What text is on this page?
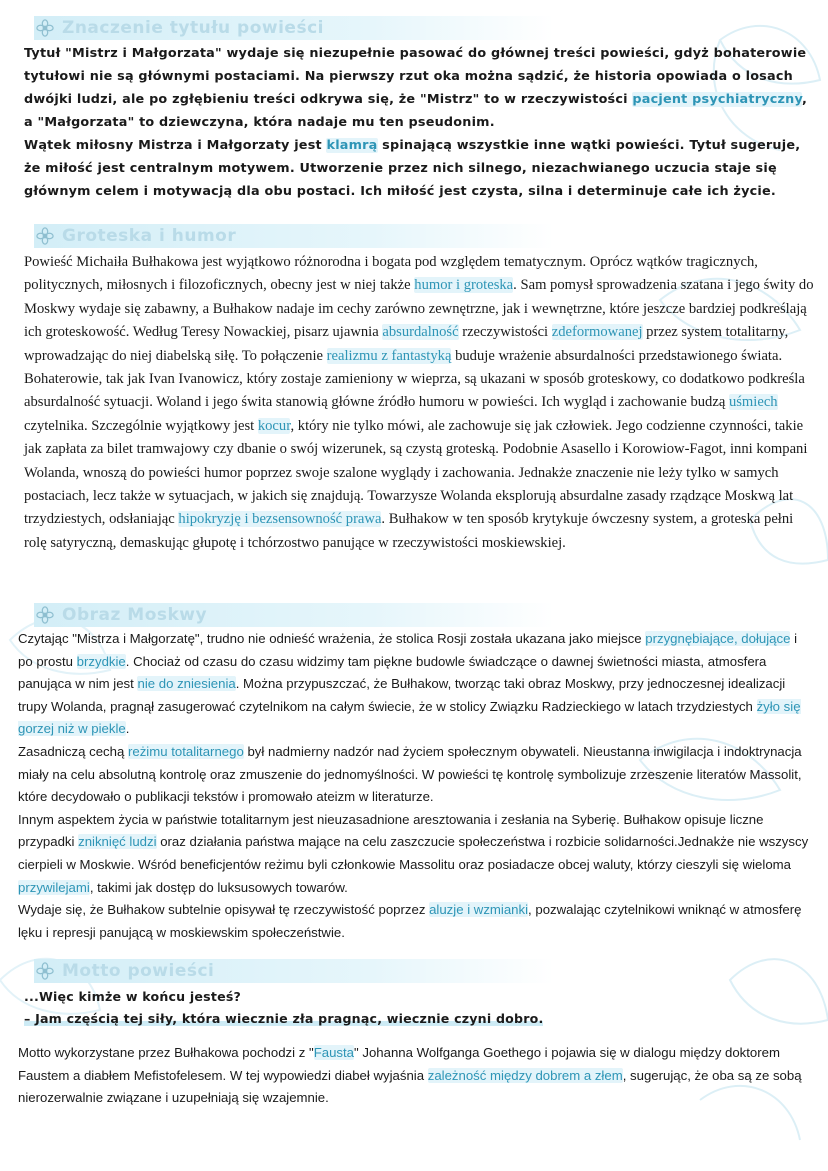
Znaczenie tytułu powieści

Tytuł "Mistrz i Małgorzata" wydaje się niezupełnie pasować do głównej treści powieści, gdyż bohaterowie tytułowi nie są głównymi postaciami. Na pierwszy rzut oka można sądzić, że historia opowiada o losach dwójki ludzi, ale po zgłębieniu treści odkrywa się, że "Mistrz" to w rzeczywistości pacjent psychiatryczny, a "Małgorzata" to dziewczyna, która nadaje mu ten pseudonim.

Wątek miłosny Mistrza i Małgorzaty jest klamrą spinającą wszystkie inne wątki powieści. Tytuł sugeruje, że miłość jest centralnym motywem. Utworzenie przez nich silnego, niezachwianego uczucia staje się głównym celem i motywacją dla obu postaci. Ich miłość jest czysta, silna i determinuje całe ich życie.

Groteska i humor

Powieść Michaiła Bułhakowa jest wyjątkowo różnorodna i bogata pod względem tematycznym. Oprócz wątków tragicznych, politycznych, miłosnych i filozoficznych, obecny jest w niej także humor i groteska. Sam pomysł sprowadzenia szatana i jego świty do Moskwy wydaje się zabawny, a Bułhakow nadaje im cechy zarówno zewnętrzne, jak i wewnętrzne, które jeszcze bardziej podkreślają ich groteskowość. Według Teresy Nowackiej, pisarz ujawnia absurdalność rzeczywistości zdeformowanej przez system totalitarny, wprowadzając do niej diabelską siłę. To połączenie realizmu z fantastyką buduje wrażenie absurdalności przedstawionego świata. Bohaterowie, tak jak Ivan Ivanowicz, który zostaje zamieniony w wieprza, są ukazani w sposób groteskowy, co dodatkowo podkreśla absurdalność sytuacji. Woland i jego świta stanowią główne źródło humoru w powieści. Ich wygląd i zachowanie budzą uśmiech czytelnika. Szczególnie wyjątkowy jest kocur, który nie tylko mówi, ale zachowuje się jak człowiek. Jego codzienne czynności, takie jak zapłata za bilet tramwajowy czy dbanie o swój wizerunek, są czystą groteską. Podobnie Asasello i Korowiow-Fagot, inni kompani Wolanda, wnoszą do powieści humor poprzez swoje szalone wyglądy i zachowania. Jednakże znaczenie nie leży tylko w samych postaciach, lecz także w sytuacjach, w jakich się znajdują. Towarzysze Wolanda eksplorują absurdalne zasady rządzące Moskwą lat trzydziestych, odsłaniając hipokryzję i bezsensowność prawa. Bułhakow w ten sposób krytykuje ówczesny system, a groteska pełni rolę satyryczną, demaskując głupotę i tchórzostwo panujące w rzeczywistości moskiewskiej.

Obraz Moskwy

Czytając "Mistrza i Małgorzatę", trudno nie odnieść wrażenia, że stolica Rosji została ukazana jako miejsce przygnębiające, dołujące i po prostu brzydkie. Chociaż od czasu do czasu widzimy tam piękne budowle świadczące o dawnej świetności miasta, atmosfera panująca w nim jest nie do zniesienia. Można przypuszczać, że Bułhakow, tworząc taki obraz Moskwy, przy jednoczesnej idealizacji trupy Wolanda, pragnął zasugerować czytelnikom na całym świecie, że w stolicy Związku Radzieckiego w latach trzydziestych żyło się gorzej niż w piekle.

Zasadniczą cechą reżimu totalitarnego był nadmierny nadzór nad życiem społecznym obywateli. Nieustanna inwigilacja i indoktrynacja miały na celu absolutną kontrolę oraz zmuszenie do jednomyślności. W powieści tę kontrolę symbolizuje zrzeszenie literatów Massolit, które decydowało o publikacji tekstów i promowało ateizm w literaturze.

Innym aspektem życia w państwie totalitarnym jest nieuzasadnione aresztowania i zesłania na Syberię. Bułhakow opisuje liczne przypadki zniknięć ludzi oraz działania państwa mające na celu zaszczucie społeczeństwa i rozbicie solidarności.Jednakże nie wszyscy cierpieli w Moskwie. Wśród beneficjentów reżimu byli członkowie Massolitu oraz posiadacze obcej waluty, którzy cieszyli się wieloma przywilejami, takimi jak dostęp do luksusowych towarów.

Wydaje się, że Bułhakow subtelnie opisywał tę rzeczywistość poprzez aluzje i wzmianki, pozwalając czytelnikowi wniknąć w atmosferę lęku i represji panującą w moskiewskim społeczeństwie.

Motto powieści

...Więc kimże w końcu jesteś?

– Jam częścią tej siły, która wiecznie zła pragnąc, wiecznie czyni dobro.

Motto wykorzystane przez Bułhakowa pochodzi z "Fausta" Johanna Wolfganga Goethego i pojawia się w dialogu między doktorem Faustem a diabłem Mefistofelesem. W tej wypowiedzi diabeł wyjaśnia zależność między dobrem a złem, sugerując, że oba są ze sobą nierozerwalnie związane i uzupełniają się wzajemnie.
